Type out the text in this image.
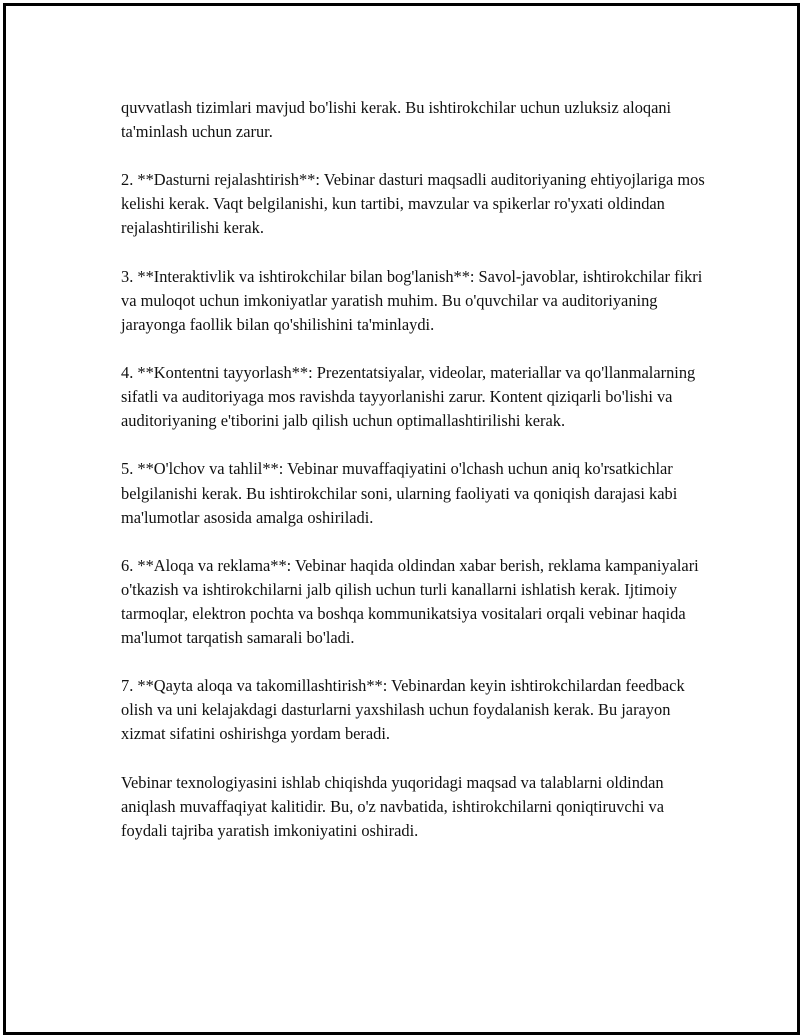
quvvatlash tizimlari mavjud bo'lishi kerak. Bu ishtirokchilar uchun uzluksiz aloqani ta'minlash uchun zarur.

2. **Dasturni rejalashtirish**: Vebinar dasturi maqsadli auditoriyaning ehtiyojlariga mos kelishi kerak. Vaqt belgilanishi, kun tartibi, mavzular va spikerlar ro'yxati oldindan rejalashtirilishi kerak.

3. **Interaktivlik va ishtirokchilar bilan bog'lanish**: Savol-javoblar, ishtirokchilar fikri va muloqot uchun imkoniyatlar yaratish muhim. Bu o'quvchilar va auditoriyaning jarayonga faollik bilan qo'shilishini ta'minlaydi.

4. **Kontentni tayyorlash**: Prezentatsiyalar, videolar, materiallar va qo'llanmalarning sifatli va auditoriyaga mos ravishda tayyorlanishi zarur. Kontent qiziqarli bo'lishi va auditoriyaning e'tiborini jalb qilish uchun optimallashtirilishi kerak.

5. **O'lchov va tahlil**: Vebinar muvaffaqiyatini o'lchash uchun aniq ko'rsatkichlar belgilanishi kerak. Bu ishtirokchilar soni, ularning faoliyati va qoniqish darajasi kabi ma'lumotlar asosida amalga oshiriladi.

6. **Aloqa va reklama**: Vebinar haqida oldindan xabar berish, reklama kampaniyalari o'tkazish va ishtirokchilarni jalb qilish uchun turli kanallarni ishlatish kerak. Ijtimoiy tarmoqlar, elektron pochta va boshqa kommunikatsiya vositalari orqali vebinar haqida ma'lumot tarqatish samarali bo'ladi.

7. **Qayta aloqa va takomillashtirish**: Vebinardan keyin ishtirokchilardan feedback olish va uni kelajakdagi dasturlarni yaxshilash uchun foydalanish kerak. Bu jarayon xizmat sifatini oshirishga yordam beradi.

Vebinar texnologiyasini ishlab chiqishda yuqoridagi maqsad va talablarni oldindan aniqlash muvaffaqiyat kalitidir. Bu, o'z navbatida, ishtirokchilarni qoniqtiruvchi va foydali tajriba yaratish imkoniyatini oshiradi.
